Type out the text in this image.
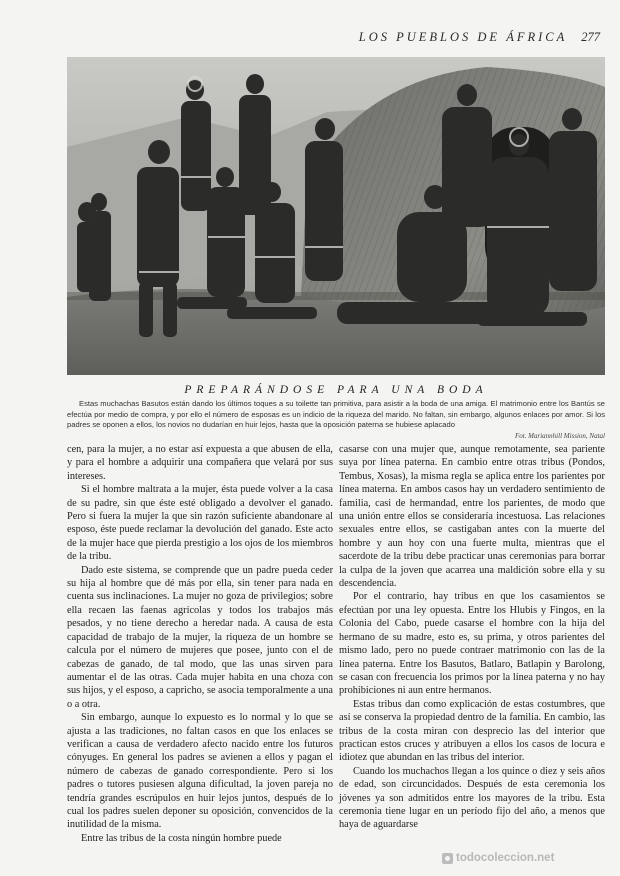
LOS PUEBLOS DE ÁFRICA 277
PREPARÁNDOSE PARA UNA BODA
Estas muchachas Basutos están dando los últimos toques a su toilette tan primitiva, para asistir a la boda de una amiga. El matrimonio entre los Bantús se efectúa por medio de compra, y por ello el número de esposas es un indicio de la riqueza del marido. No faltan, sin embargo, algunos enlaces por amor. Si los padres se oponen a ellos, los novios no dudarían en huir lejos, hasta que la oposición paterna se hubiese aplacado
Fot. Mariannhill Mission, Natal

cen, para la mujer, a no estar así expuesta a que abusen de ella, y para el hombre a adquirir una compañera que velará por sus intereses.

Si el hombre maltrata a la mujer, ésta puede volver a la casa de su padre, sin que éste esté obligado a devolver el ganado. Pero si fuera la mujer la que sin razón suficiente abandonare al esposo, éste puede reclamar la devolución del ganado. Este acto de la mujer hace que pierda prestigio a los ojos de los miembros de la tribu.

Dado este sistema, se comprende que un padre pueda ceder su hija al hombre que dé más por ella, sin tener para nada en cuenta sus inclinaciones. La mujer no goza de privilegios; sobre ella recaen las faenas agrícolas y todos los trabajos más pesados, y no tiene derecho a heredar nada. A causa de esta capacidad de trabajo de la mujer, la riqueza de un hombre se calcula por el número de mujeres que posee, junto con el de cabezas de ganado, de tal modo, que las unas sirven para aumentar el de las otras. Cada mujer habita en una choza con sus hijos, y el esposo, a capricho, se asocia temporalmente a una o a otra.

Sin embargo, aunque lo expuesto es lo normal y lo que se ajusta a las tradiciones, no faltan casos en que los enlaces se verifican a causa de verdadero afecto nacido entre los futuros cónyuges. En general los padres se avienen a ellos y pagan el número de cabezas de ganado correspondiente. Pero si los padres o tutores pusiesen alguna dificultad, la joven pareja no tendría grandes escrúpulos en huir lejos juntos, después de lo cual los padres suelen deponer su oposición, convencidos de la inutilidad de la misma.

Entre las tribus de la costa ningún hombre puede

casarse con una mujer que, aunque remotamente, sea pariente suya por línea paterna. En cambio entre otras tribus (Pondos, Tembus, Xosas), la misma regla se aplica entre los parientes por línea materna. En ambos casos hay un verdadero sentimiento de familia, casi de hermandad, entre los parientes, de modo que una unión entre ellos se consideraría incestuosa. Las relaciones sexuales entre ellos, se castigaban antes con la muerte del hombre y aun hoy con una fuerte multa, mientras que el sacerdote de la tribu debe practicar unas ceremonias para borrar la culpa de la joven que acarrea una maldición sobre ella y su descendencia.

Por el contrario, hay tribus en que los casamientos se efectúan por una ley opuesta. Entre los Hlubis y Fingos, en la Colonia del Cabo, puede casarse el hombre con la hija del hermano de su madre, esto es, su prima, y otros parientes del mismo lado, pero no puede contraer matrimonio con las de la línea paterna. Entre los Basutos, Batlaro, Batlapin y Barolong, se casan con frecuencia los primos por la línea paterna y no hay prohibiciones ni aun entre hermanos.

Estas tribus dan como explicación de estas costumbres, que así se conserva la propiedad dentro de la familia. En cambio, las tribus de la costa miran con desprecio las del interior que practican estos cruces y atribuyen a ellos los casos de locura e idiotez que abundan en las tribus del interior.

Cuando los muchachos llegan a los quince o diez y seis años de edad, son circuncidados. Después de esta ceremonia los jóvenes ya son admitidos entre los mayores de la tribu. Esta ceremonia tiene lugar en un período fijo del año, a menos que haya de aguardarse

todocoleccion.net
